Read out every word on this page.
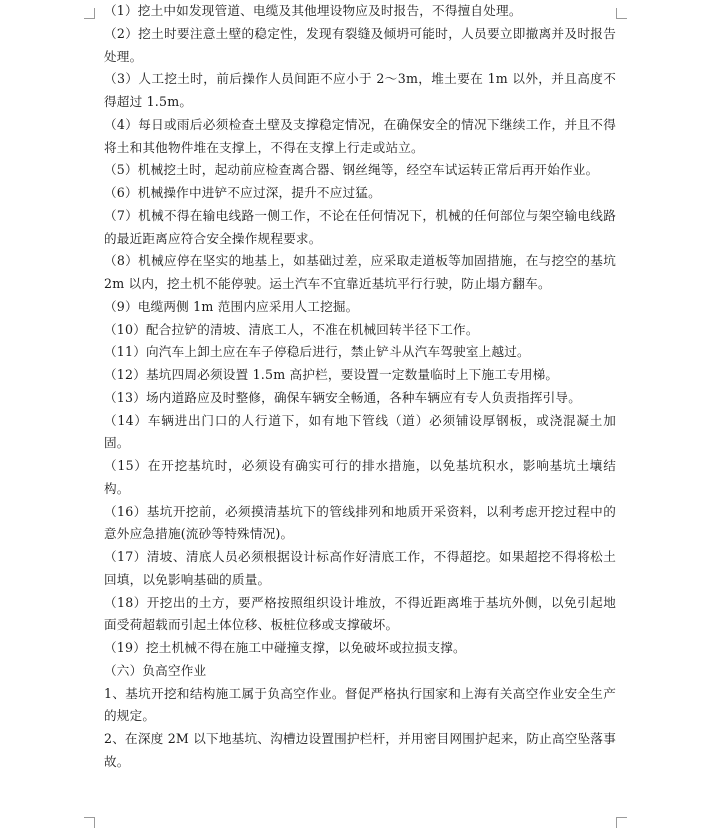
（1）挖土中如发现管道、电缆及其他埋设物应及时报告，不得擅自处理。

（2）挖土时要注意土壁的稳定性，发现有裂缝及倾坍可能时，人员要立即撤离并及时报告处理。

（3）人工挖土时，前后操作人员间距不应小于 2～3m，堆土要在 1m 以外，并且高度不得超过 1.5m。

（4）每日或雨后必须检查土壁及支撑稳定情况，在确保安全的情况下继续工作，并且不得将土和其他物件堆在支撑上，不得在支撑上行走或站立。

（5）机械挖土时，起动前应检查离合器、钢丝绳等，经空车试运转正常后再开始作业。

（6）机械操作中进铲不应过深，提升不应过猛。

（7）机械不得在输电线路一侧工作，不论在任何情况下，机械的任何部位与架空输电线路的最近距离应符合安全操作规程要求。

（8）机械应停在坚实的地基上，如基础过差，应采取走道板等加固措施，在与挖空的基坑 2m 以内，挖土机不能停驶。运土汽车不宜靠近基坑平行行驶，防止塌方翻车。

（9）电缆两侧 1m 范围内应采用人工挖掘。

（10）配合拉铲的清坡、清底工人，不准在机械回转半径下工作。

（11）向汽车上卸土应在车子停稳后进行，禁止铲斗从汽车驾驶室上越过。

（12）基坑四周必须设置 1.5m 高护栏，要设置一定数量临时上下施工专用梯。

（13）场内道路应及时整修，确保车辆安全畅通，各种车辆应有专人负责指挥引导。

（14）车辆进出门口的人行道下，如有地下管线（道）必须铺设厚钢板，或浇混凝土加固。

（15）在开挖基坑时，必须设有确实可行的排水措施，以免基坑积水，影响基坑土壤结构。

（16）基坑开挖前，必须摸清基坑下的管线排列和地质开采资料，以利考虑开挖过程中的意外应急措施(流砂等特殊情况)。

（17）清坡、清底人员必须根据设计标高作好清底工作，不得超挖。如果超挖不得将松土回填，以免影响基础的质量。

（18）开挖出的土方，要严格按照组织设计堆放，不得近距离堆于基坑外侧，以免引起地面受荷超载而引起土体位移、板桩位移或支撑破坏。

（19）挖土机械不得在施工中碰撞支撑，以免破坏或拉损支撑。

（六）负高空作业

1、基坑开挖和结构施工属于负高空作业。督促严格执行国家和上海有关高空作业安全生产的规定。

2、在深度 2M 以下地基坑、沟槽边设置围护栏杆，并用密目网围护起来，防止高空坠落事故。
